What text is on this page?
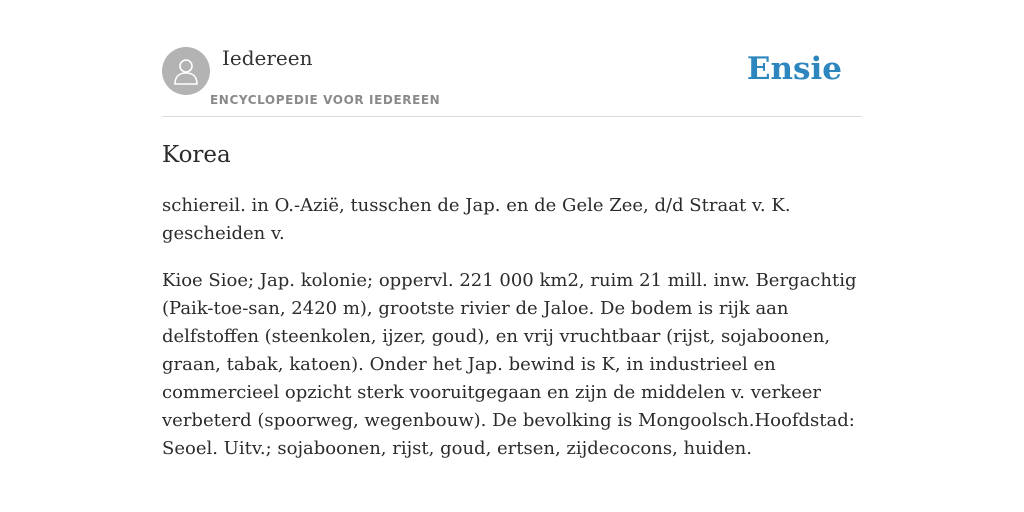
Iedereen
ENCYCLOPEDIE VOOR IEDEREEN
Ensie
Korea

schiereil. in O.-Azië, tusschen de Jap. en de Gele Zee, d/d Straat v. K. gescheiden v.

Kioe Sioe; Jap. kolonie; oppervl. 221 000 km2, ruim 21 mill. inw. Bergachtig (Paik-toe-san, 2420 m), grootste rivier de Jaloe. De bodem is rijk aan delfstoffen (steenkolen, ijzer, goud), en vrij vruchtbaar (rijst, sojaboonen, graan, tabak, katoen). Onder het Jap. bewind is K, in industrieel en commercieel opzicht sterk vooruitgegaan en zijn de middelen v. verkeer verbeterd (spoorweg, wegenbouw). De bevolking is Mongoolsch.Hoofdstad: Seoel. Uitv.; sojaboonen, rijst, goud, ertsen, zijdecocons, huiden.
